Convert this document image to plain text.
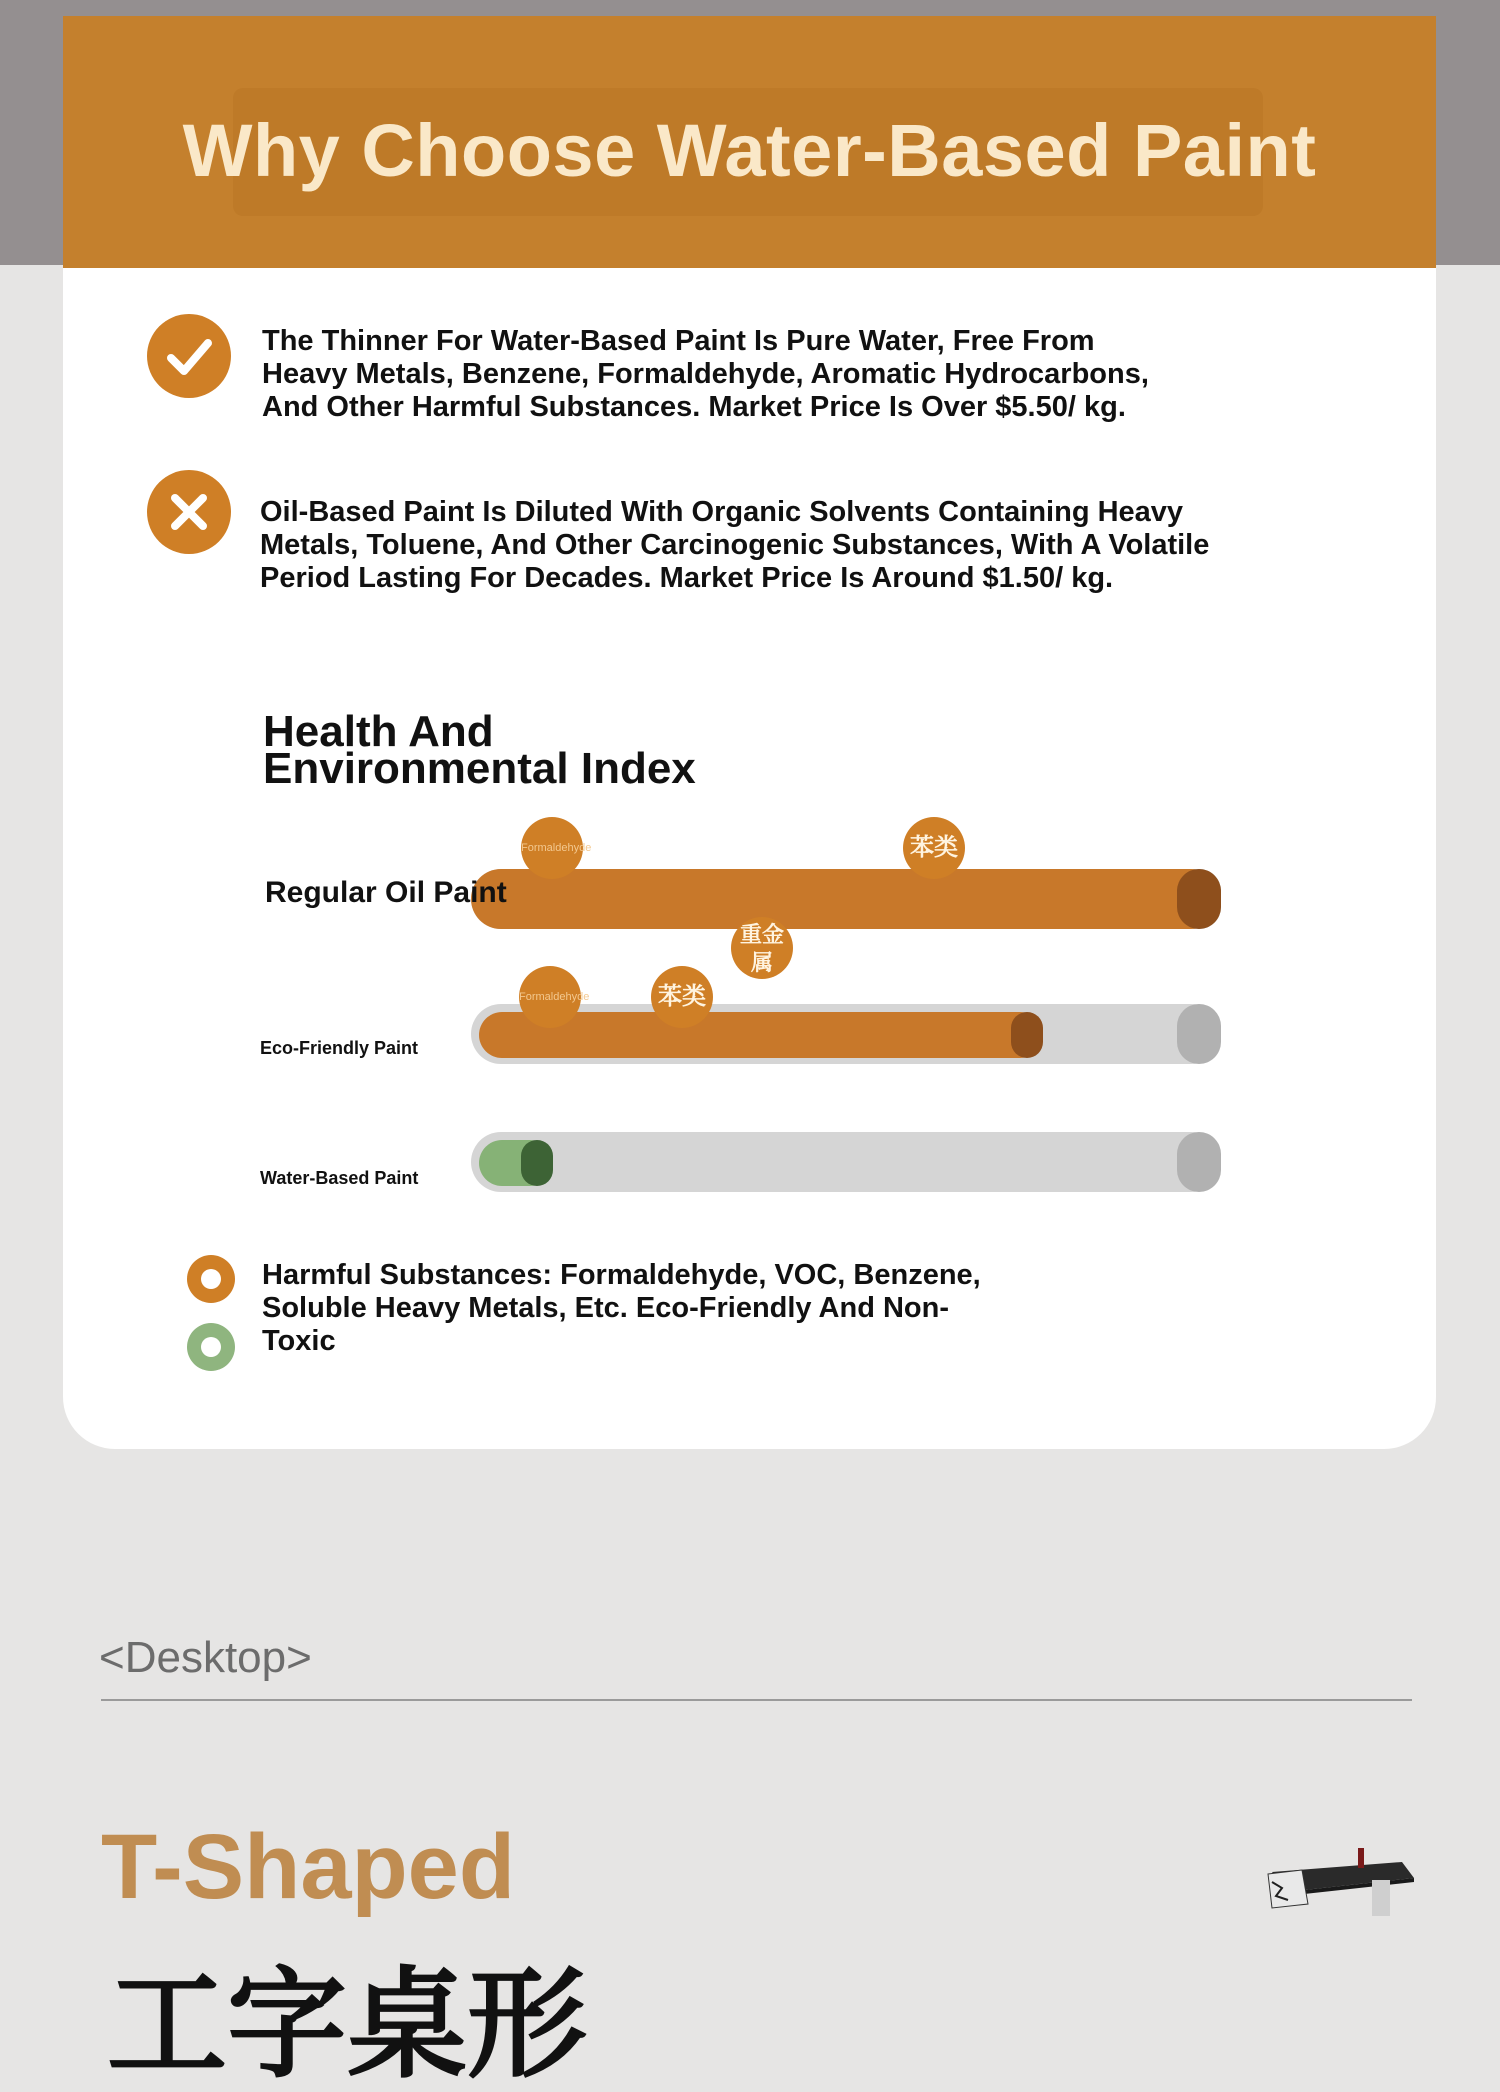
Why Choose Water-Based Paint
The Thinner For Water-Based Paint Is Pure Water, Free From Heavy Metals, Benzene, Formaldehyde, Aromatic Hydrocarbons, And Other Harmful Substances. Market Price Is Over $5.50/ kg.
Oil-Based Paint Is Diluted With Organic Solvents Containing Heavy Metals, Toluene, And Other Carcinogenic Substances, With A Volatile Period Lasting For Decades. Market Price Is Around $1.50/ kg.
Health And Environmental Index
Regular Oil Paint
Formaldehyde	苯类
重金属
Eco-Friendly Paint
Formaldehyde	苯类
Water-Based Paint
Harmful Substances: Formaldehyde, VOC, Benzene, Soluble Heavy Metals, Etc. Eco-Friendly And Non-Toxic
<Desktop>
T-Shaped
工字桌形
